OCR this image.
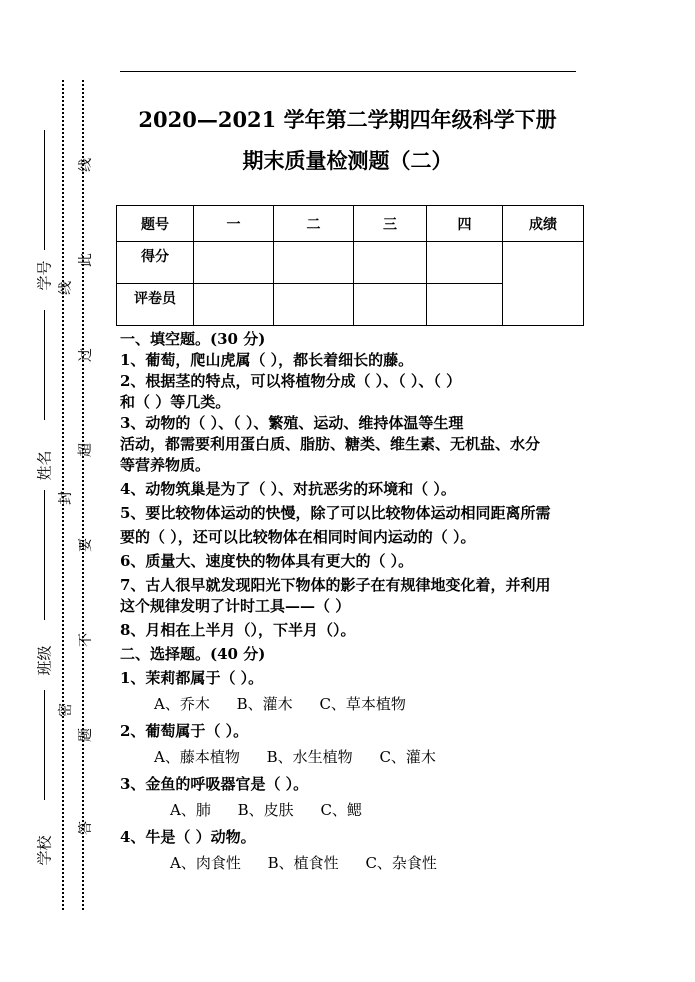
2020—2021 学年第二学期四年级科学下册
期末质量检测题（二）
题号	一	二	三	四	成绩
得分					
评卷员					

一、填空题。(30 分)

1、葡萄，爬山虎属（ ），都长着细长的藤。

2、根据茎的特点，可以将植物分成（ ）、（ ）、（ ）

和（ ）等几类。

3、动物的（ ）、（ ）、繁殖、运动、维持体温等生理

活动，都需要利用蛋白质、脂肪、糖类、维生素、无机盐、水分

等营养物质。

4、动物筑巢是为了（ ）、对抗恶劣的环境和（ ）。

5、要比较物体运动的快慢，除了可以比较物体运动相同距离所需

要的（ ），还可以比较物体在相同时间内运动的（ ）。

6、质量大、速度快的物体具有更大的（ ）。

7、古人很早就发现阳光下物体的影子在有规律地变化着，并利用

这个规律发明了计时工具——（ ）

8、月相在上半月（），下半月（）。

二、选择题。(40 分)

1、茉莉都属于（ ）。

A、乔木 B、灌木 C、草本植物

2、葡萄属于（ ）。

A、藤本植物 B、水生植物 C、灌木

3、金鱼的呼吸器官是（ ）。

A、肺 B、皮肤 C、鳃

4、牛是（ ）动物。

A、肉食性 B、植食性 C、杂食性

学号
姓名
班级
学校
线
此
线
过
超
封
要
不
题
密
答
